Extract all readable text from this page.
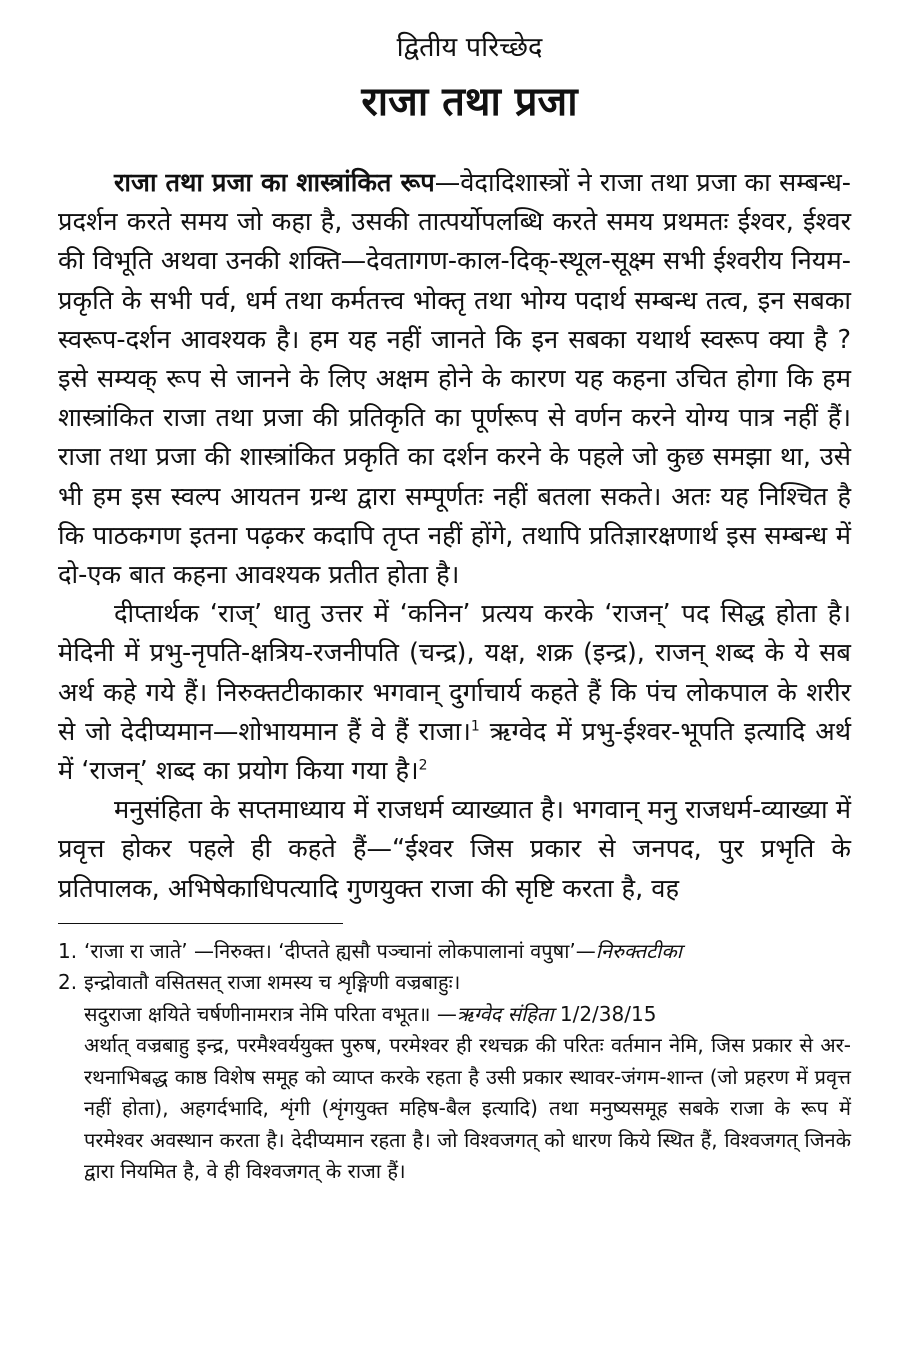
द्वितीय परिच्छेद

राजा तथा प्रजा

राजा तथा प्रजा का शास्त्रांकित रूप—वेदादिशास्त्रों ने राजा तथा प्रजा का सम्बन्ध-प्रदर्शन करते समय जो कहा है, उसकी तात्पर्योपलब्धि करते समय प्रथमतः ईश्वर, ईश्वर की विभूति अथवा उनकी शक्ति—देवतागण-काल-दिक्-स्थूल-सूक्ष्म सभी ईश्वरीय नियम-प्रकृति के सभी पर्व, धर्म तथा कर्मतत्त्व भोक्तृ तथा भोग्य पदार्थ सम्बन्ध तत्व, इन सबका स्वरूप-दर्शन आवश्यक है। हम यह नहीं जानते कि इन सबका यथार्थ स्वरूप क्या है ? इसे सम्यक् रूप से जानने के लिए अक्षम होने के कारण यह कहना उचित होगा कि हम शास्त्रांकित राजा तथा प्रजा की प्रतिकृति का पूर्णरूप से वर्णन करने योग्य पात्र नहीं हैं। राजा तथा प्रजा की शास्त्रांकित प्रकृति का दर्शन करने के पहले जो कुछ समझा था, उसे भी हम इस स्वल्प आयतन ग्रन्थ द्वारा सम्पूर्णतः नहीं बतला सकते। अतः यह निश्चित है कि पाठकगण इतना पढ़कर कदापि तृप्त नहीं होंगे, तथापि प्रतिज्ञारक्षणार्थ इस सम्बन्ध में दो-एक बात कहना आवश्यक प्रतीत होता है।

दीप्तार्थक ‘राज्’ धातु उत्तर में ‘कनिन’ प्रत्यय करके ‘राजन्’ पद सिद्ध होता है। मेदिनी में प्रभु-नृपति-क्षत्रिय-रजनीपति (चन्द्र), यक्ष, शक्र (इन्द्र), राजन् शब्द के ये सब अर्थ कहे गये हैं। निरुक्तटीकाकार भगवान् दुर्गाचार्य कहते हैं कि पंच लोकपाल के शरीर से जो देदीप्यमान—शोभायमान हैं वे हैं राजा।$^1$ ऋग्वेद में प्रभु-ईश्वर-भूपति इत्यादि अर्थ में ‘राजन्’ शब्द का प्रयोग किया गया है।$^2$

मनुसंहिता के सप्तमाध्याय में राजधर्म व्याख्यात है। भगवान् मनु राजधर्म-व्याख्या में प्रवृत्त होकर पहले ही कहते हैं—“ईश्वर जिस प्रकार से जनपद, पुर प्रभृति के प्रतिपालक, अभिषेकाधिपत्यादि गुणयुक्त राजा की सृष्टि करता है, वह

1. ‘राजा रा जाते’ —निरुक्त। ‘दीप्तते ह्यसौ पञ्चानां लोकपालानां वपुषा’—निरुक्तटीका
2. इन्द्रोवातौ वसितसत् राजा शमस्य च शृङ्गिणी वज्रबाहुः।
सदुराजा क्षयिते चर्षणीनामरात्र नेमि परिता वभूत॥ —ऋग्वेद संहिता 1/2/38/15
अर्थात् वज्रबाहु इन्द्र, परमैश्वर्ययुक्त पुरुष, परमेश्वर ही रथचक्र की परितः वर्तमान नेमि, जिस प्रकार से अर-रथनाभिबद्ध काष्ठ विशेष समूह को व्याप्त करके रहता है उसी प्रकार स्थावर-जंगम-शान्त (जो प्रहरण में प्रवृत्त नहीं होता), अहगर्दभादि, शृंगी (शृंगयुक्त महिष-बैल इत्यादि) तथा मनुष्यसमूह सबके राजा के रूप में परमेश्वर अवस्थान करता है। देदीप्यमान रहता है। जो विश्वजगत् को धारण किये स्थित हैं, विश्वजगत् जिनके द्वारा नियमित है, वे ही विश्वजगत् के राजा हैं।
